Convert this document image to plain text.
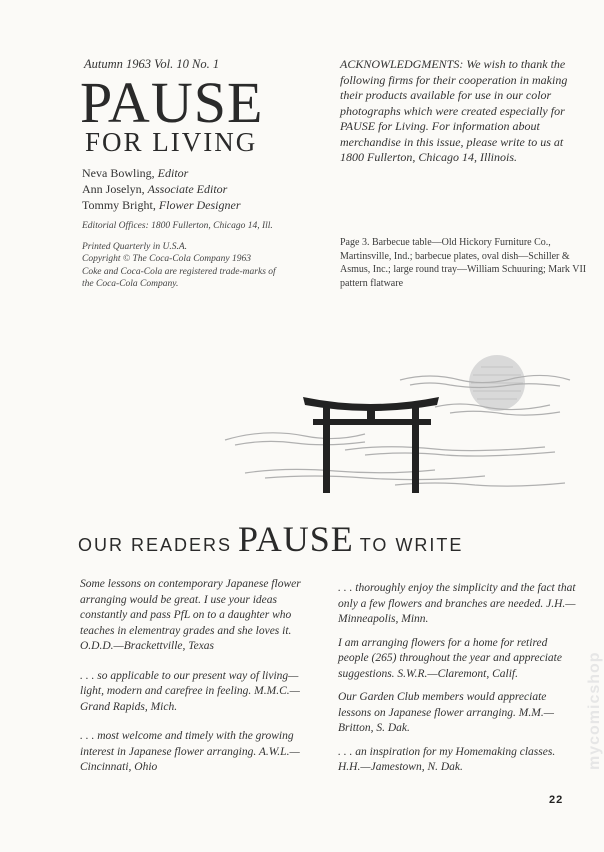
Autumn 1963 Vol. 10 No. 1
PAUSE
FOR LIVING
Neva Bowling, Editor
Ann Joselyn, Associate Editor
Tommy Bright, Flower Designer
Editorial Offices: 1800 Fullerton, Chicago 14, Ill.
Printed Quarterly in U.S.A.
Copyright © The Coca-Cola Company 1963
Coke and Coca-Cola are registered trade-marks of the Coca-Cola Company.
ACKNOWLEDGMENTS: We wish to thank the following firms for their cooperation in making their products available for use in our color photographs which were created especially for PAUSE for Living. For information about merchandise in this issue, please write to us at 1800 Fullerton, Chicago 14, Illinois.
Page 3. Barbecue table—Old Hickory Furniture Co., Martinsville, Ind.; barbecue plates, oval dish—Schiller & Asmus, Inc.; large round tray—William Schuuring; Mark VII pattern flatware
OUR READERS PAUSE TO WRITE

Some lessons on contemporary Japanese flower arranging would be great. I use your ideas constantly and pass PfL on to a daughter who teaches in elementray grades and she loves it. O.D.D.—Brackettville, Texas

. . . so applicable to our present way of living—light, modern and carefree in feeling. M.M.C.—Grand Rapids, Mich.

. . . most welcome and timely with the growing interest in Japanese flower arranging. A.W.L.—Cincinnati, Ohio

. . . thoroughly enjoy the simplicity and the fact that only a few flowers and branches are needed. J.H.—Minneapolis, Minn.

I am arranging flowers for a home for retired people (265) throughout the year and appreciate suggestions. S.W.R.—Claremont, Calif.

Our Garden Club members would appreciate lessons on Japanese flower arranging. M.M.—Britton, S. Dak.

. . . an inspiration for my Homemaking classes. H.H.—Jamestown, N. Dak.

22
mycomicshop
